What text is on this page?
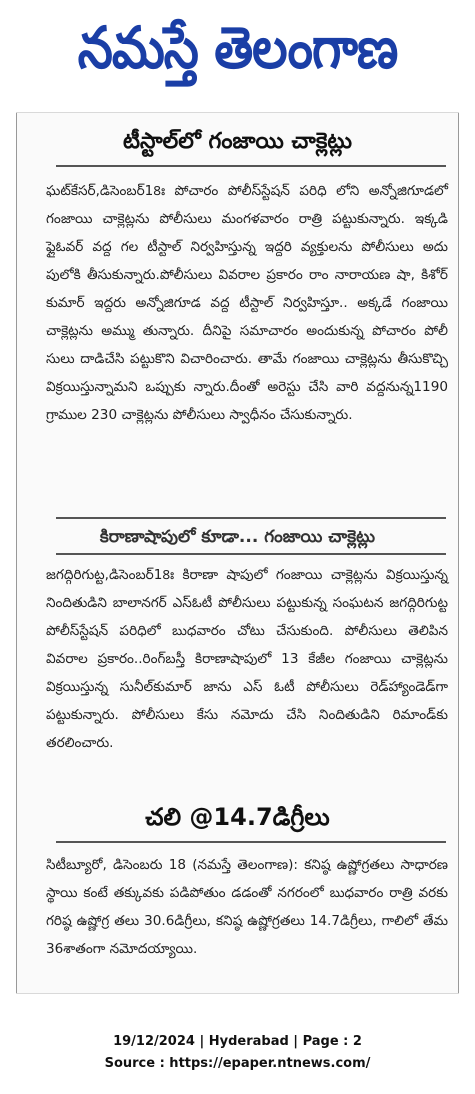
నమస్తే తెలంగాణ
టీస్టాల్‌లో గంజాయి చాక్లెట్లు
ఘట్‌కేసర్‌,డిసెంబర్‌18ః పోచారం పోలీస్‌స్టేషన్‌ పరిధి లోని అన్నోజిగూడలో గంజాయి చాక్లెట్లను పోలీసులు మంగళవారం రాత్రి పట్టుకున్నారు. ఇక్కడి ఫ్లైఓవర్‌ వద్ద గల టీస్టాల్‌ నిర్వహిస్తున్న ఇద్దరి వ్యక్తులను పోలీసులు అదు పులోకి తీసుకున్నారు.పోలీసులు వివరాల ప్రకారం రాం నారాయణ షా, కిశోర్‌ కుమార్‌ ఇద్దరు అన్నోజిగూడ వద్ద టీస్టాల్‌ నిర్వహిస్తూ.. అక్కడే గంజాయి చాక్లెట్లను అమ్ము తున్నారు. దీనిపై సమాచారం అందుకున్న పోచారం పోలీ సులు దాడిచేసి పట్టుకొని విచారించారు. తామే గంజాయి చాక్లెట్లను తీసుకొచ్చి విక్రయిస్తున్నామని ఒప్పుకు న్నారు.దీంతో అరెస్టు చేసి వారి వద్దనున్న1190 గ్రాముల 230 చాక్లెట్లను పోలీసులు స్వాధీనం చేసుకున్నారు.
కిరాణాషాపులో కూడా... గంజాయి చాక్లెట్లు
జగద్గిరిగుట్ట,డిసెంబర్‌18ః కిరాణా షాపులో గంజాయి చాక్లెట్లను విక్రయిస్తున్న నిందితుడిని బాలానగర్‌ ఎస్‌ఓటీ పోలీసులు పట్టుకున్న సంఘటన జగద్గిరిగుట్ట పోలీస్‌స్టేషన్‌ పరిధిలో బుధవారం చోటు చేసుకుంది. పోలీసులు తెలిపిన వివరాల ప్రకారం..రింగ్‌బస్తీ కిరాణాషాపులో 13 కేజీల గంజాయి చాక్లెట్లను విక్రయిస్తున్న సునీల్‌కుమార్‌ జాను ఎస్‌ ఓటీ పోలీసులు రెడ్‌హ్యాండెడ్‌గా పట్టుకున్నారు. పోలీసులు కేసు నమోదు చేసి నిందితుడిని రిమాండ్‌కు తరలించారు.
చలి @14.7డిగ్రీలు
సిటీబ్యూరో, డిసెంబరు 18 (నమస్తే తెలంగాణ): కనిష్ఠ ఉష్ణోగ్రతలు సాధారణ స్థాయి కంటే తక్కువకు పడిపోతుం డడంతో నగరంలో బుధవారం రాత్రి వరకు గరిష్ఠ ఉష్ణోగ్ర తలు 30.6డిగ్రీలు, కనిష్ఠ ఉష్ణోగ్రతలు 14.7డిగ్రీలు, గాలిలో తేమ 36శాతంగా నమోదయ్యాయి.
19/12/2024 | Hyderabad | Page : 2
Source : https://epaper.ntnews.com/
